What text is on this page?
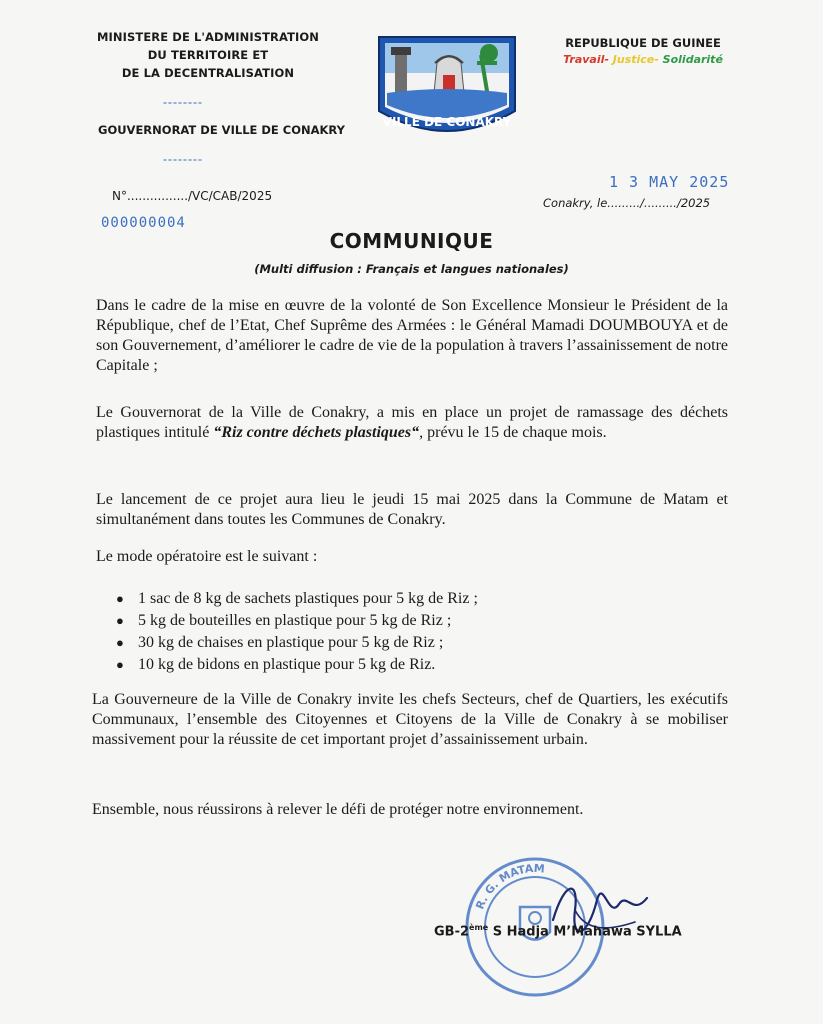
MINISTERE DE L'ADMINISTRATION
DU TERRITOIRE ET
DE LA DECENTRALISATION
--------
GOUVERNORAT DE VILLE DE CONAKRY
--------
N°................/VC/CAB/2025
000000004
VILLE DE CONAKRY
REPUBLIQUE DE GUINEE
Travail- Justice- Solidarité
1 3 MAY 2025
Conakry, le........./........./2025
COMMUNIQUE
(Multi diffusion : Français et langues nationales)
Dans le cadre de la mise en œuvre de la volonté de Son Excellence Monsieur le Président de la République, chef de l’Etat, Chef Suprême des Armées : le Général Mamadi DOUMBOUYA et de son Gouvernement, d’améliorer le cadre de vie de la population à travers l’assainissement de notre Capitale ;
Le Gouvernorat de la Ville de Conakry, a mis en place un projet de ramassage des déchets plastiques intitulé “Riz contre déchets plastiques“, prévu le 15 de chaque mois.
Le lancement de ce projet aura lieu le jeudi 15 mai 2025 dans la Commune de Matam et simultanément dans toutes les Communes de Conakry.
Le mode opératoire est le suivant :
● 1 sac de 8 kg de sachets plastiques pour 5 kg de Riz ;
● 5 kg de bouteilles en plastique pour 5 kg de Riz ;
● 30 kg de chaises en plastique pour 5 kg de Riz ;
● 10 kg de bidons en plastique pour 5 kg de Riz.
La Gouverneure de la Ville de Conakry invite les chefs Secteurs, chef de Quartiers, les exécutifs Communaux, l’ensemble des Citoyennes et Citoyens de la Ville de Conakry à se mobiliser massivement pour la réussite de cet important projet d’assainissement urbain.
Ensemble, nous réussirons à relever le défi de protéger notre environnement.
R. G. MATAM
GB-2ème S Hadja M’Mahawa SYLLA
